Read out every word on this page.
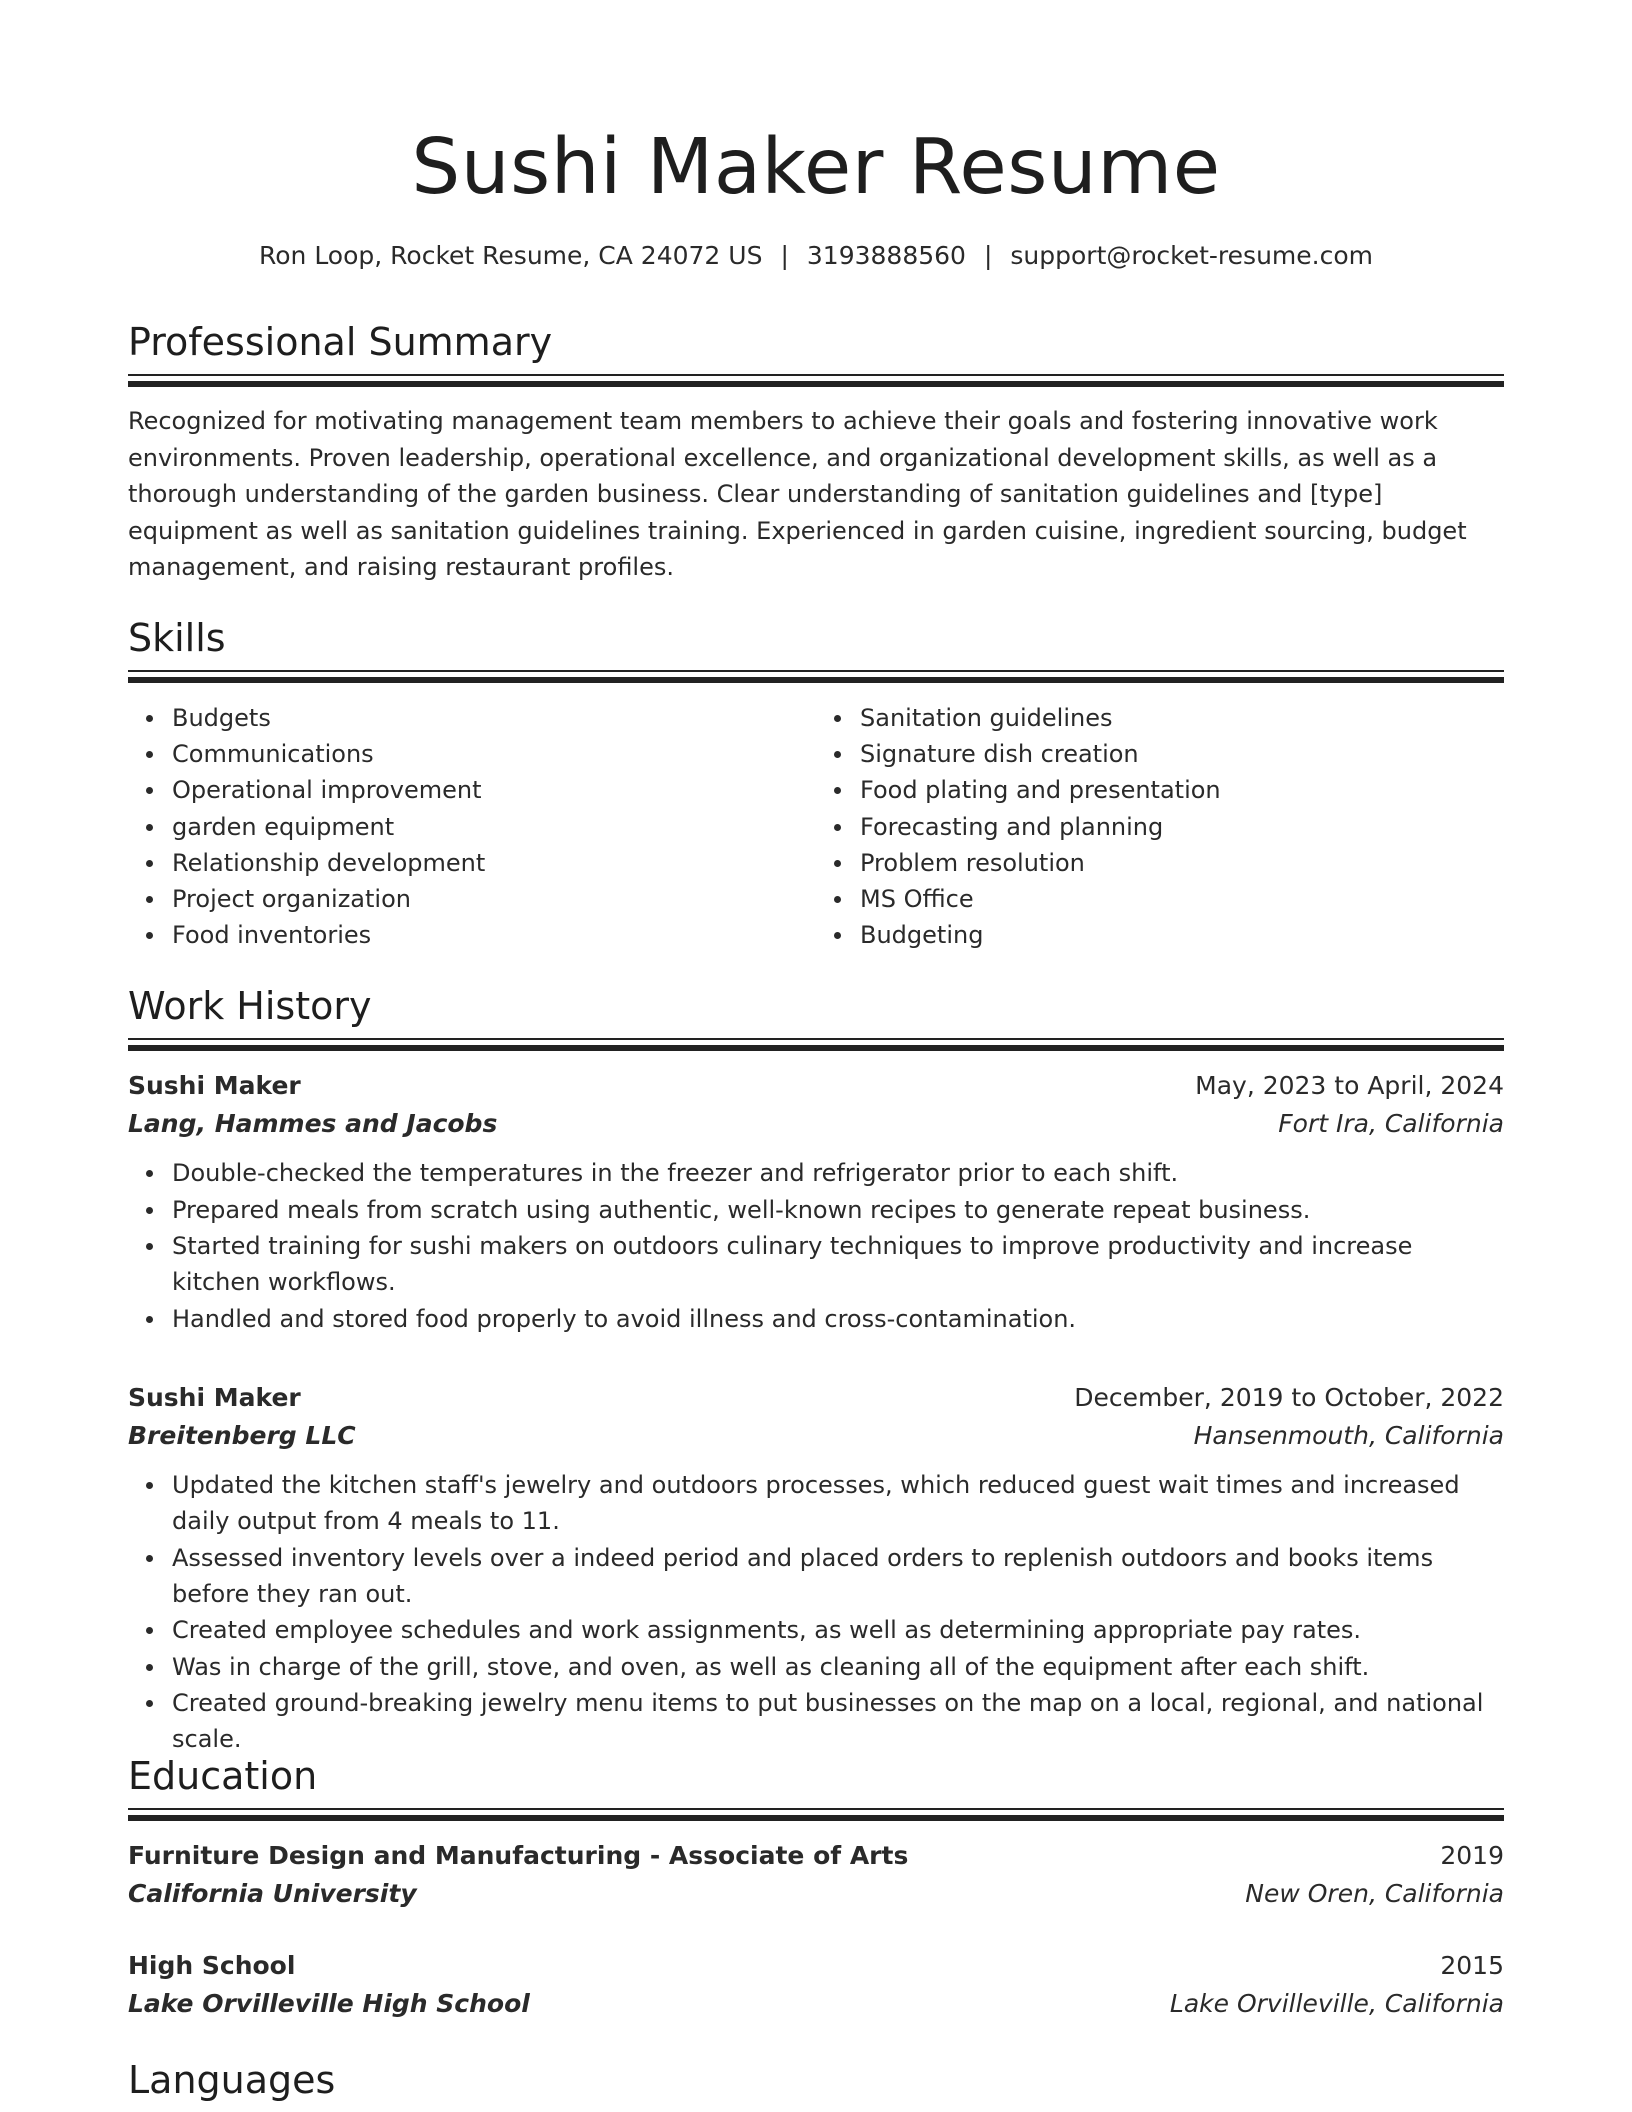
Sushi Maker Resume
Ron Loop, Rocket Resume, CA 24072 US | 3193888560 | support@rocket-resume.com
Professional Summary
Recognized for motivating management team members to achieve their goals and fostering innovative work environments. Proven leadership, operational excellence, and organizational development skills, as well as a thorough understanding of the garden business. Clear understanding of sanitation guidelines and [type] equipment as well as sanitation guidelines training. Experienced in garden cuisine, ingredient sourcing, budget management, and raising restaurant profiles.
Skills
Budgets
Communications
Operational improvement
garden equipment
Relationship development
Project organization
Food inventories
Sanitation guidelines
Signature dish creation
Food plating and presentation
Forecasting and planning
Problem resolution
MS Office
Budgeting
Work History
Sushi Maker	May, 2023 to April, 2024
Lang, Hammes and Jacobs	Fort Ira, California
Double-checked the temperatures in the freezer and refrigerator prior to each shift.
Prepared meals from scratch using authentic, well-known recipes to generate repeat business.
Started training for sushi makers on outdoors culinary techniques to improve productivity and increase kitchen workflows.
Handled and stored food properly to avoid illness and cross-contamination.
Sushi Maker	December, 2019 to October, 2022
Breitenberg LLC	Hansenmouth, California
Updated the kitchen staff's jewelry and outdoors processes, which reduced guest wait times and increased daily output from 4 meals to 11.
Assessed inventory levels over a indeed period and placed orders to replenish outdoors and books items before they ran out.
Created employee schedules and work assignments, as well as determining appropriate pay rates.
Was in charge of the grill, stove, and oven, as well as cleaning all of the equipment after each shift.
Created ground-breaking jewelry menu items to put businesses on the map on a local, regional, and national scale.
Education
Furniture Design and Manufacturing - Associate of Arts	2019
California University	New Oren, California
High School	2015
Lake Orvilleville High School	Lake Orvilleville, California
Languages
